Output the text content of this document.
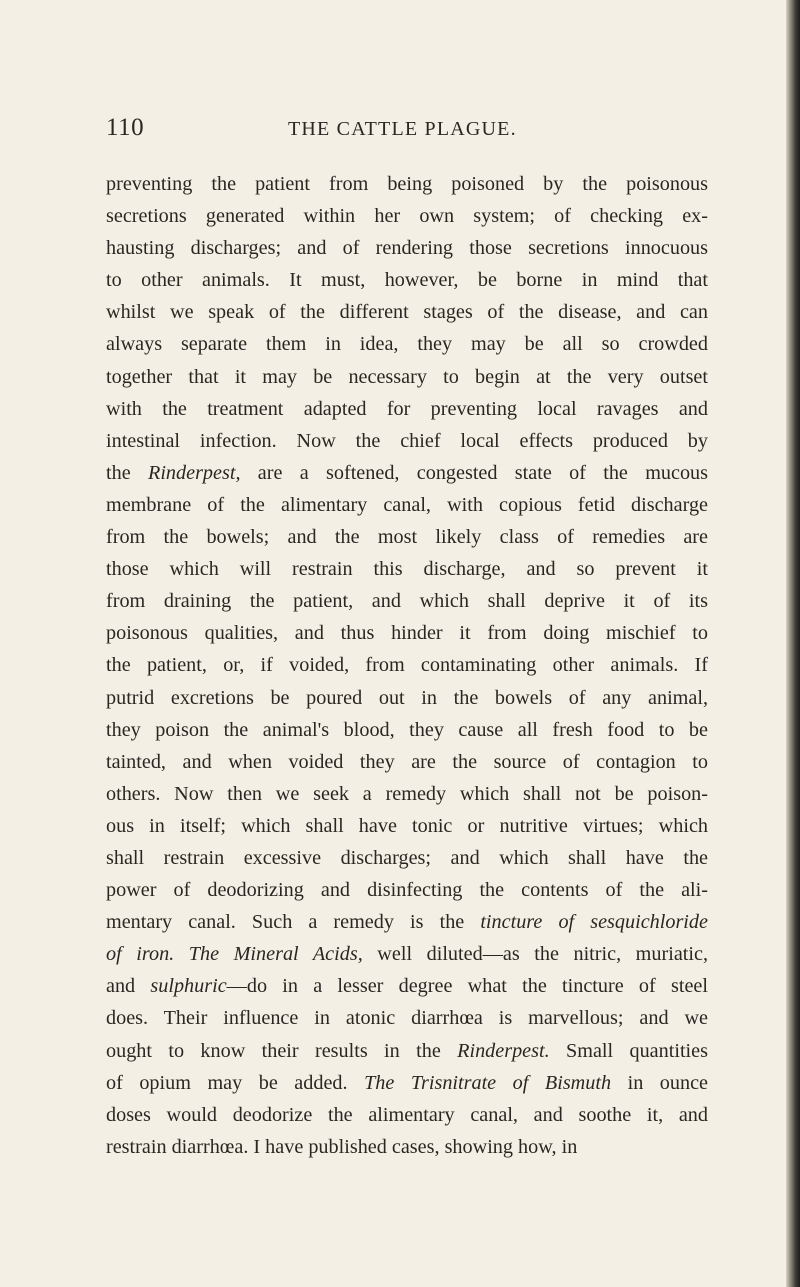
110	THE CATTLE PLAGUE.
preventing the patient from being poisoned by the poisonous
secretions generated within her own system; of checking ex-
hausting discharges; and of rendering those secretions innocuous
to other animals. It must, however, be borne in mind that
whilst we speak of the different stages of the disease, and can
always separate them in idea, they may be all so crowded
together that it may be necessary to begin at the very outset
with the treatment adapted for preventing local ravages and
intestinal infection. Now the chief local effects produced by
the Rinderpest, are a softened, congested state of the mucous
membrane of the alimentary canal, with copious fetid discharge
from the bowels; and the most likely class of remedies are
those which will restrain this discharge, and so prevent it
from draining the patient, and which shall deprive it of its
poisonous qualities, and thus hinder it from doing mischief to
the patient, or, if voided, from contaminating other animals. If
putrid excretions be poured out in the bowels of any animal,
they poison the animal's blood, they cause all fresh food to be
tainted, and when voided they are the source of contagion to
others. Now then we seek a remedy which shall not be poison-
ous in itself; which shall have tonic or nutritive virtues; which
shall restrain excessive discharges; and which shall have the
power of deodorizing and disinfecting the contents of the ali-
mentary canal. Such a remedy is the tincture of sesquichloride
of iron. The Mineral Acids, well diluted—as the nitric, muriatic,
and sulphuric—do in a lesser degree what the tincture of steel
does. Their influence in atonic diarrhœa is marvellous; and we
ought to know their results in the Rinderpest. Small quantities
of opium may be added. The Trisnitrate of Bismuth in ounce
doses would deodorize the alimentary canal, and soothe it, and
restrain diarrhœa. I have published cases, showing how, in
